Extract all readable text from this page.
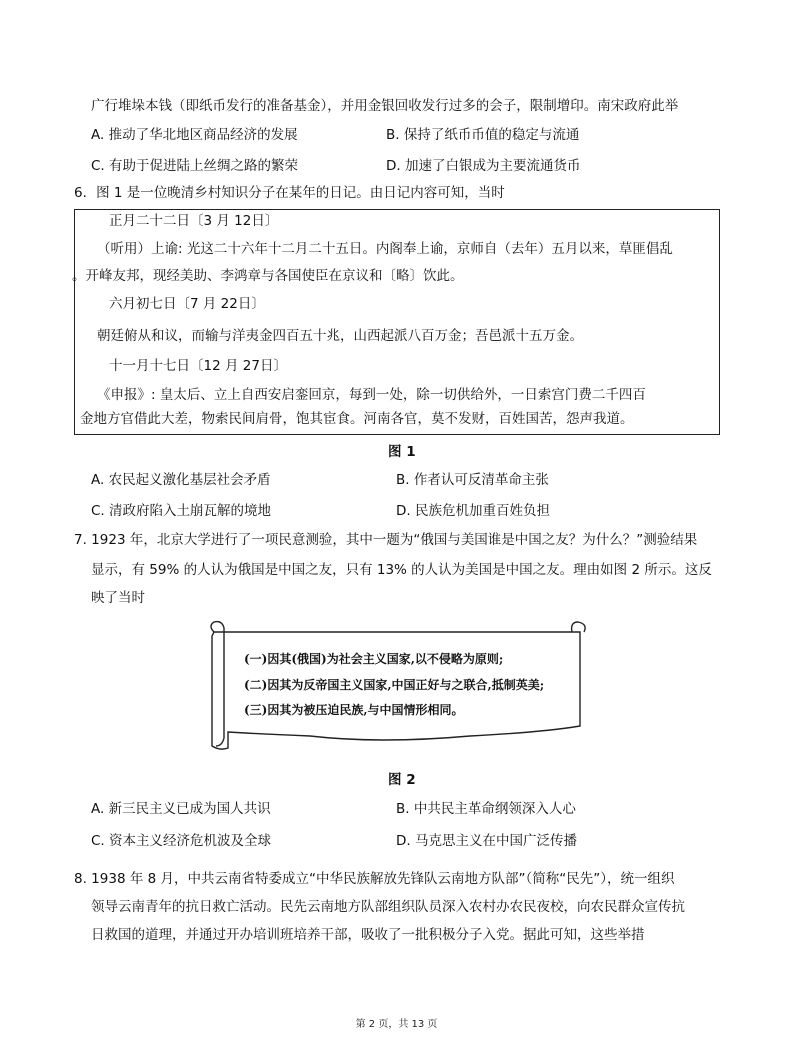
广行堆垛本钱（即纸币发行的准备基金），并用金银回收发行过多的会子，限制增印。南宋政府此举
A. 推动了华北地区商品经济的发展	B. 保持了纸币币值的稳定与流通
C. 有助于促进陆上丝绸之路的繁荣	D. 加速了白银成为主要流通货币
6．图 1 是一位晚清乡村知识分子在某年的日记。由日记内容可知，当时
正月二十二日〔3 月 12日〕
（听用）上谕: 光这二十六年十二月二十五日。内阁奉上谕，京师自（去年）五月以来，草匪倡乱
。开峰友邦，现经美助、李鸿章与各国使臣在京议和〔略〕饮此。
六月初七日〔7 月 22日〕
朝廷俯从和议，而输与洋夷金四百五十兆，山西起派八百万金；吾邑派十五万金。
十一月十七日〔12 月 27日〕
《申报》: 皇太后、立上自西安启銮回京，每到一处，除一切供给外，一日索宫门费二千四百
金地方官借此大差，物索民间肩骨，饱其宦食。河南各官，莫不发财，百姓国苦，怨声我道。
图 1
A. 农民起义激化基层社会矛盾	B. 作者认可反清革命主张
C. 清政府陷入土崩瓦解的境地	D. 民族危机加重百姓负担
7. 1923 年，北京大学进行了一项民意测验，其中一题为“俄国与美国谁是中国之友？为什么？”测验结果
显示，有 59% 的人认为俄国是中国之友，只有 13% 的人认为美国是中国之友。理由如图 2 所示。这反
映了当时
(一)因其(俄国)为社会主义国家,以不侵略为原则;
(二)因其为反帝国主义国家,中国正好与之联合,抵制英美;
(三)因其为被压迫民族,与中国情形相同。
图 2
A. 新三民主义已成为国人共识	B. 中共民主革命纲领深入人心
C. 资本主义经济危机波及全球	D. 马克思主义在中国广泛传播
8. 1938 年 8 月，中共云南省特委成立“中华民族解放先锋队云南地方队部”（简称“民先”），统一组织
领导云南青年的抗日救亡活动。民先云南地方队部组织队员深入农村办农民夜校，向农民群众宣传抗
日救国的道理，并通过开办培训班培养干部，吸收了一批积极分子入党。据此可知，这些举措
第 2 页，共 13 页
